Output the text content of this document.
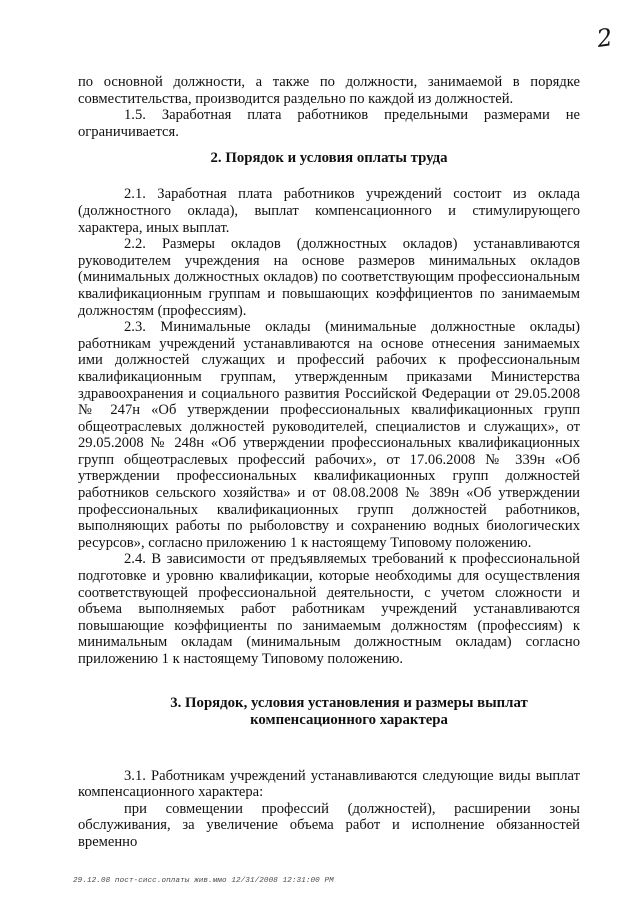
2

по основной должности, а также по должности, занимаемой в порядке совместительства, производится раздельно по каждой из должностей.

1.5. Заработная плата работников предельными размерами не ограничивается.

2. Порядок и условия оплаты труда

2.1. Заработная плата работников учреждений состоит из оклада (должностного оклада), выплат компенсационного и стимулирующего характера, иных выплат.

2.2. Размеры окладов (должностных окладов) устанавливаются руководителем учреждения на основе размеров минимальных окладов (минимальных должностных окладов) по соответствующим профессиональным квалификационным группам и повышающих коэффициентов по занимаемым должностям (профессиям).

2.3. Минимальные оклады (минимальные должностные оклады) работникам учреждений устанавливаются на основе отнесения занимаемых ими должностей служащих и профессий рабочих к профессиональным квалификационным группам, утвержденным приказами Министерства здравоохранения и социального развития Российской Федерации от 29.05.2008 № 247н «Об утверждении профессиональных квалификационных групп общеотраслевых должностей руководителей, специалистов и служащих», от 29.05.2008 № 248н «Об утверждении профессиональных квалификационных групп общеотраслевых профессий рабочих», от 17.06.2008 № 339н «Об утверждении профессиональных квалификационных групп должностей работников сельского хозяйства» и от 08.08.2008 № 389н «Об утверждении профессиональных квалификационных групп должностей работников, выполняющих работы по рыболовству и сохранению водных биологических ресурсов», согласно приложению 1 к настоящему Типовому положению.

2.4. В зависимости от предъявляемых требований к профессиональной подготовке и уровню квалификации, которые необходимы для осуществления соответствующей профессиональной деятельности, с учетом сложности и объема выполняемых работ работникам учреждений устанавливаются повышающие коэффициенты по занимаемым должностям (профессиям) к минимальным окладам (минимальным должностным окладам) согласно приложению 1 к настоящему Типовому положению.

3. Порядок, условия установления и размеры выплат
компенсационного характера

3.1. Работникам учреждений устанавливаются следующие виды выплат компенсационного характера:

при совмещении профессий (должностей), расширении зоны обслуживания, за увеличение объема работ и исполнение обязанностей временно

29.12.08 пост-сисс.оплаты жив.ммо 12/31/2008 12:31:00 PM
